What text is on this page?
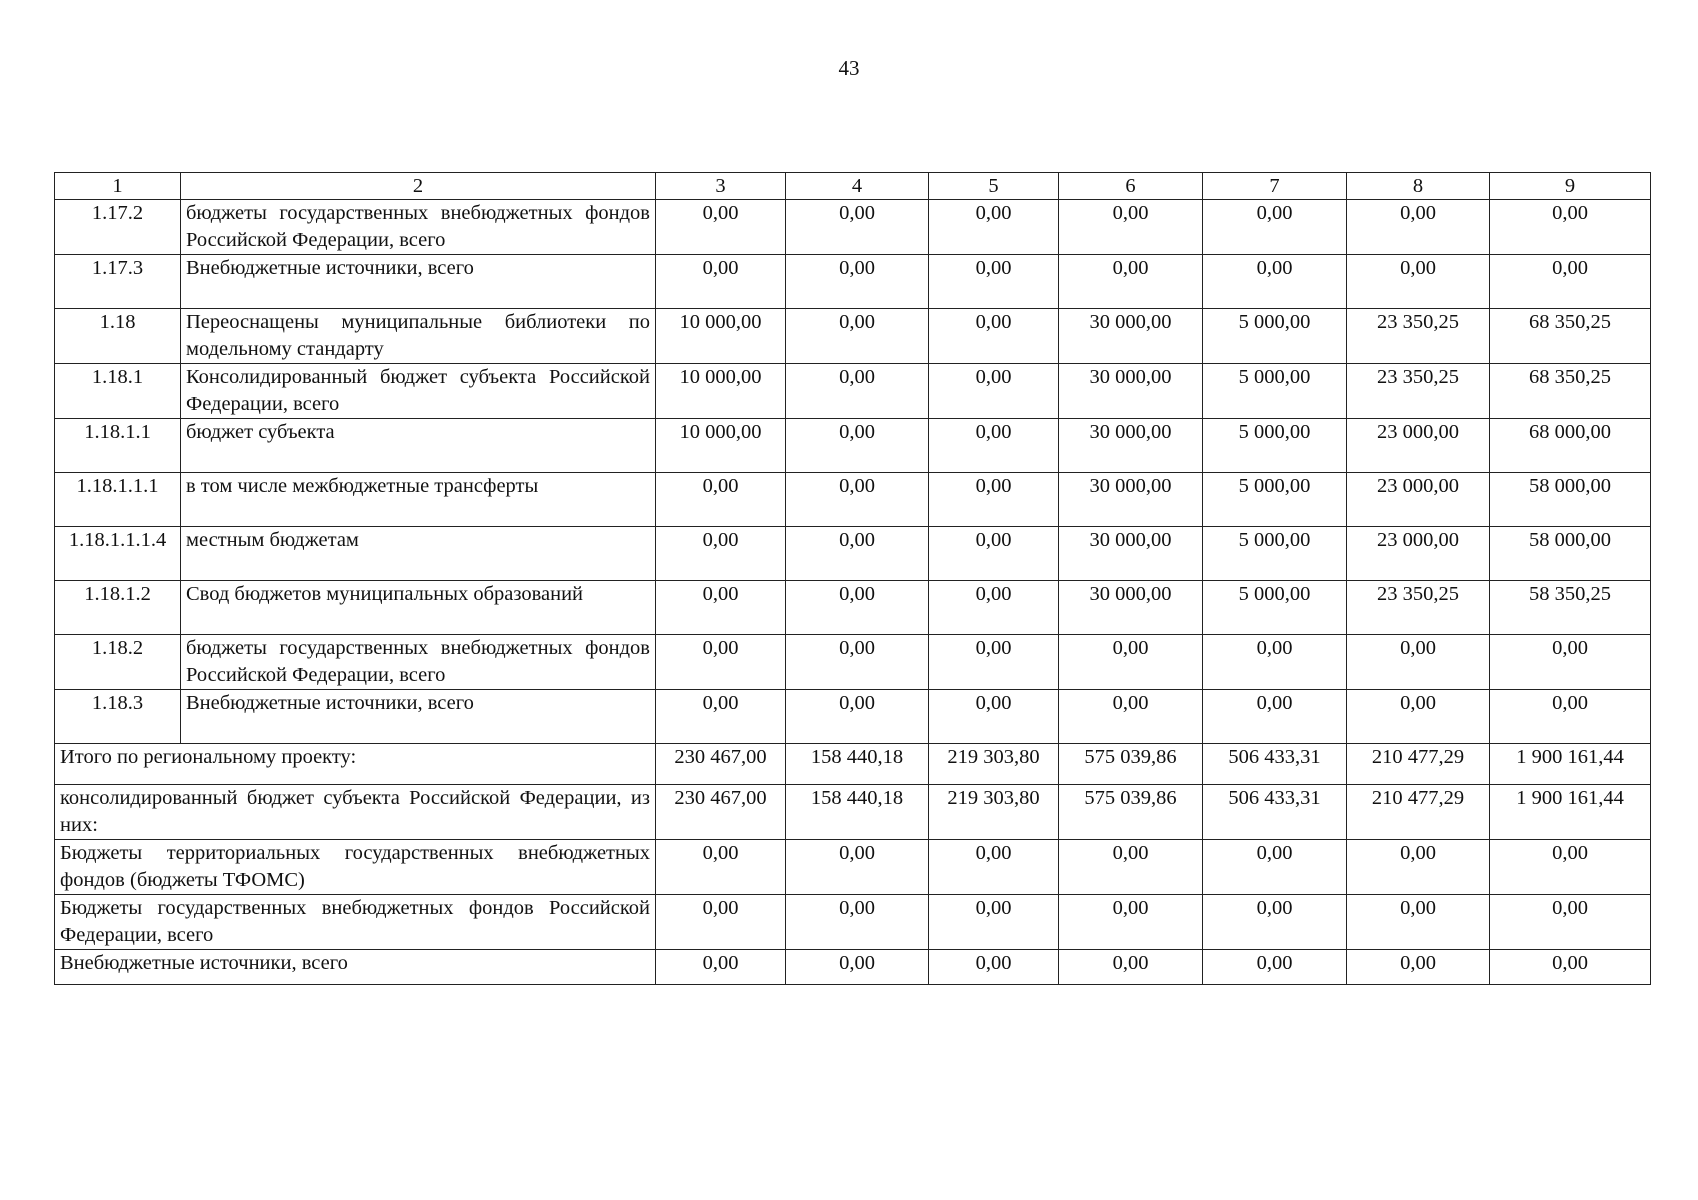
43
1	2	3	4	5	6	7	8	9
1.17.2	бюджеты государственных внебюджетных фондов Российской Федерации, всего	0,00	0,00	0,00	0,00	0,00	0,00	0,00
1.17.3	Внебюджетные источники, всего	0,00	0,00	0,00	0,00	0,00	0,00	0,00
1.18	Переоснащены муниципальные библиотеки по модельному стандарту	10 000,00	0,00	0,00	30 000,00	5 000,00	23 350,25	68 350,25
1.18.1	Консолидированный бюджет субъекта Российской Федерации, всего	10 000,00	0,00	0,00	30 000,00	5 000,00	23 350,25	68 350,25
1.18.1.1	бюджет субъекта	10 000,00	0,00	0,00	30 000,00	5 000,00	23 000,00	68 000,00
1.18.1.1.1	в том числе межбюджетные трансферты	0,00	0,00	0,00	30 000,00	5 000,00	23 000,00	58 000,00
1.18.1.1.1.4	местным бюджетам	0,00	0,00	0,00	30 000,00	5 000,00	23 000,00	58 000,00
1.18.1.2	Свод бюджетов муниципальных образований	0,00	0,00	0,00	30 000,00	5 000,00	23 350,25	58 350,25
1.18.2	бюджеты государственных внебюджетных фондов Российской Федерации, всего	0,00	0,00	0,00	0,00	0,00	0,00	0,00
1.18.3	Внебюджетные источники, всего	0,00	0,00	0,00	0,00	0,00	0,00	0,00
Итого по региональному проекту:		230 467,00	158 440,18	219 303,80	575 039,86	506 433,31	210 477,29	1 900 161,44
консолидированный бюджет субъекта Российской Федерации, из них:		230 467,00	158 440,18	219 303,80	575 039,86	506 433,31	210 477,29	1 900 161,44
Бюджеты территориальных государственных внебюджетных фондов (бюджеты ТФОМС)		0,00	0,00	0,00	0,00	0,00	0,00	0,00
Бюджеты государственных внебюджетных фондов Российской Федерации, всего		0,00	0,00	0,00	0,00	0,00	0,00	0,00
Внебюджетные источники, всего		0,00	0,00	0,00	0,00	0,00	0,00	0,00
